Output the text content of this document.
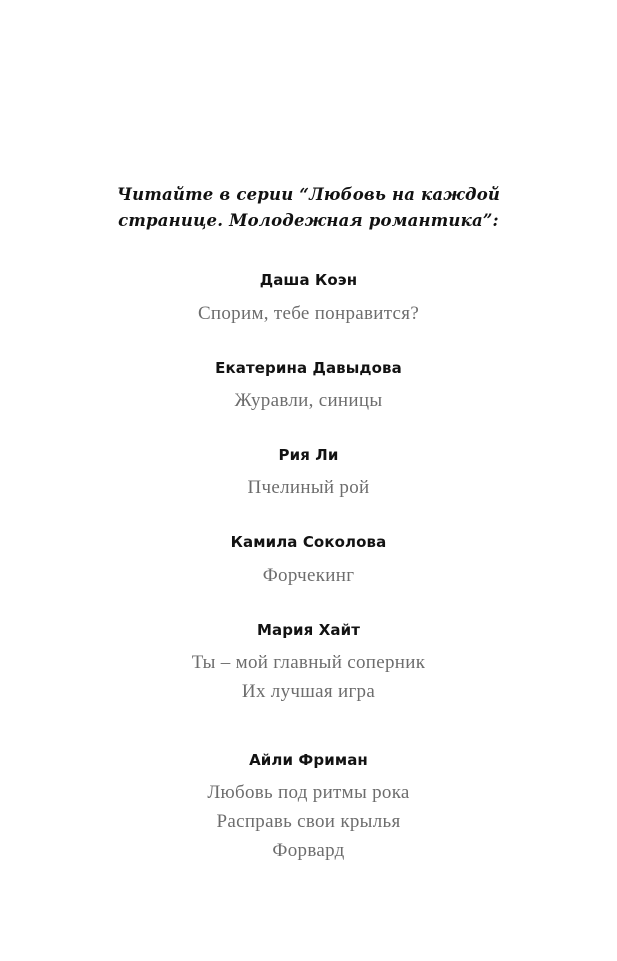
Читайте в серии “Любовь на каждой
странице. Молодежная романтика”:

Даша Коэн

Спорим, тебе понравится?

Екатерина Давыдова

Журавли, синицы

Рия Ли

Пчелиный рой

Камила Соколова

Форчекинг

Мария Хайт

Ты – мой главный соперник

Их лучшая игра

Айли Фриман

Любовь под ритмы рока

Расправь свои крылья

Форвард
